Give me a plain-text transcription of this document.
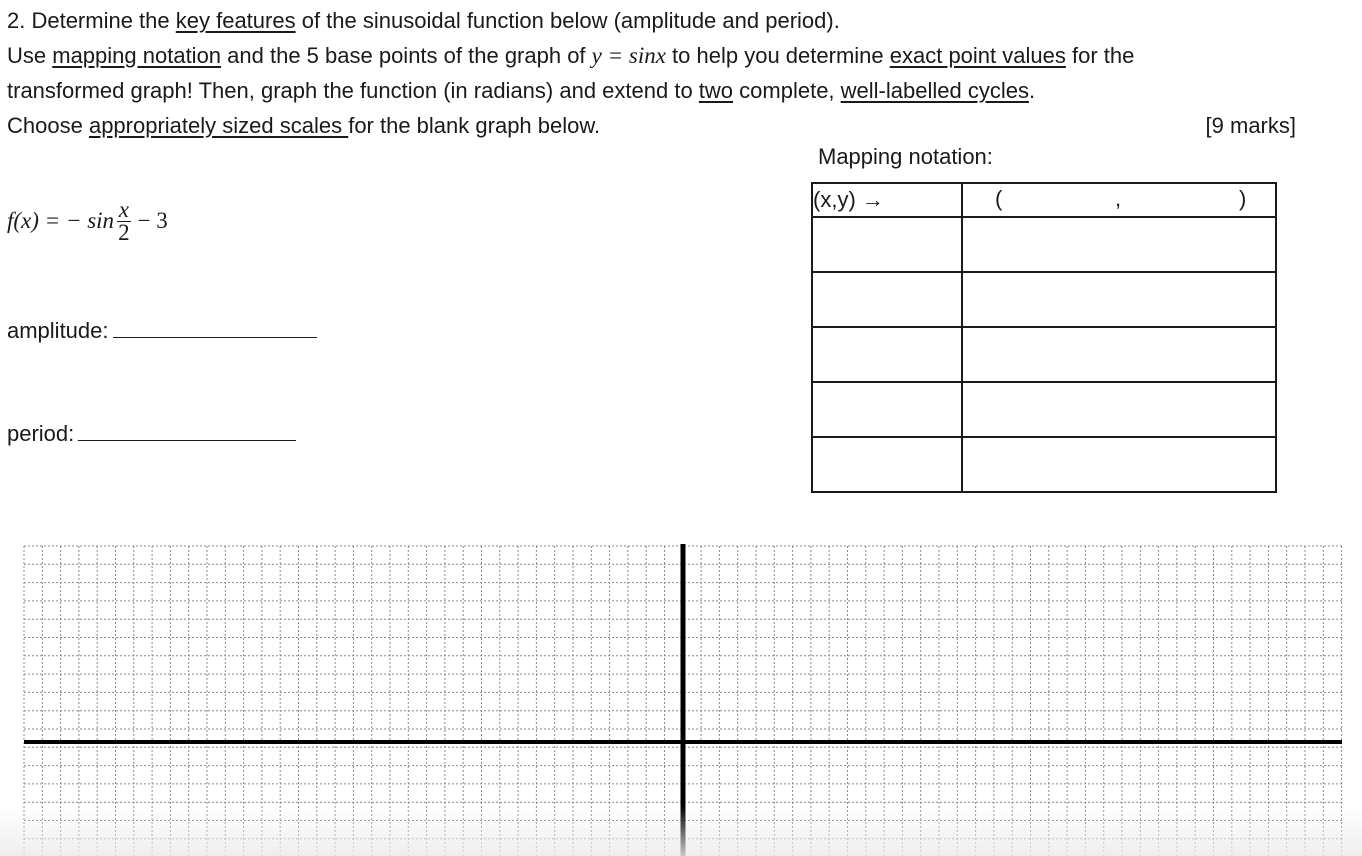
2. Determine the key features of the sinusoidal function below (amplitude and period).
Use mapping notation and the 5 base points of the graph of y = sinx to help you determine exact point values for the
transformed graph! Then, graph the function (in radians) and extend to two complete, well-labelled cycles.
Choose appropriately sized scales for the blank graph below.	[9 marks]
Mapping notation:
f(x) = − $\sin \frac{x}{2} - 3$
amplitude:
period:
(x,y) →	( , )
